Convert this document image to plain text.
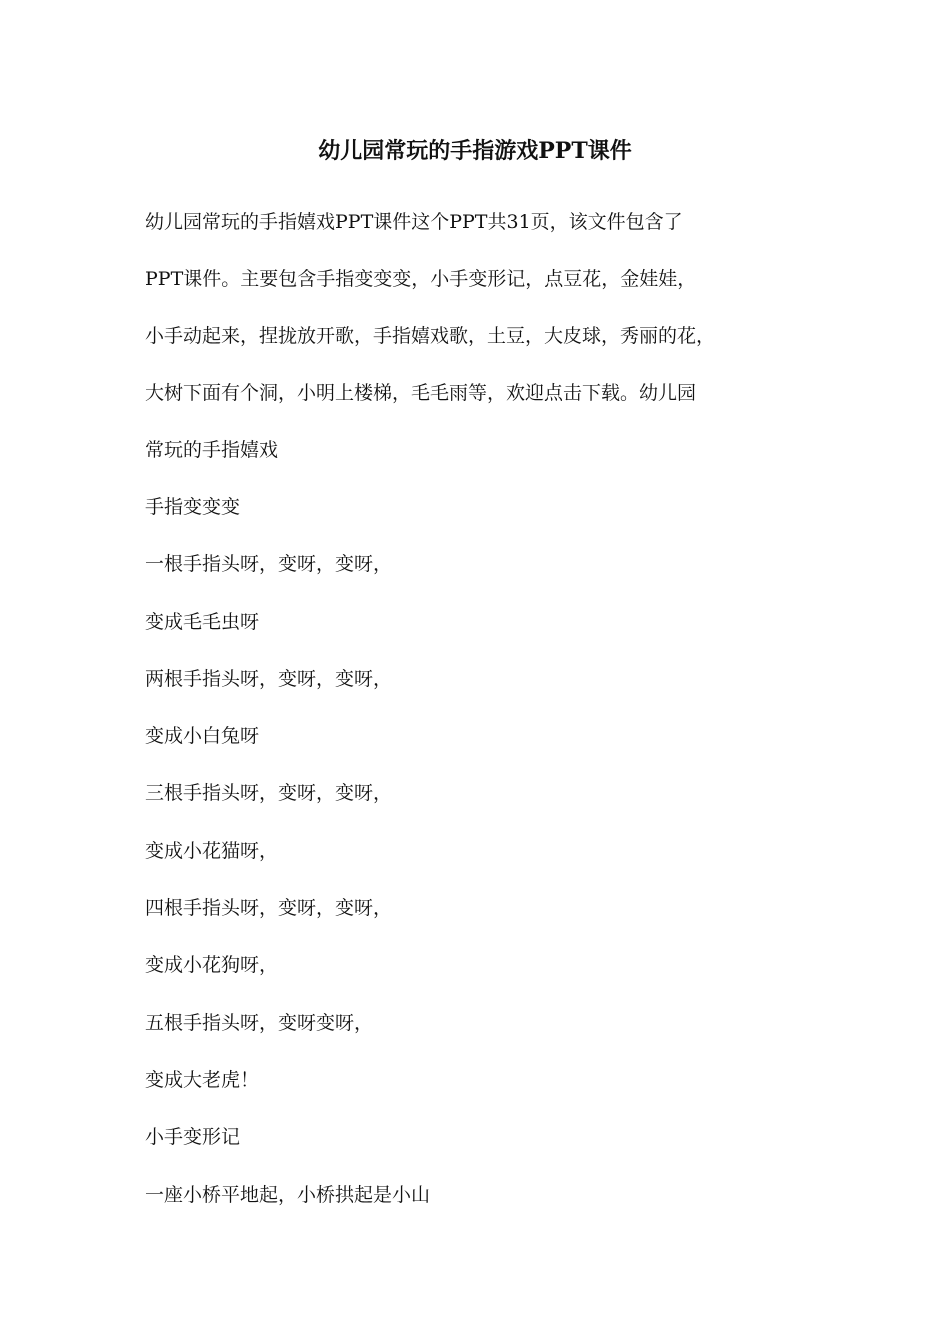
幼儿园常玩的手指游戏PPT课件
幼儿园常玩的手指嬉戏PPT课件这个PPT共31页，该文件包含了
PPT课件。主要包含手指变变变，小手变形记，点豆花，金娃娃，
小手动起来，捏拢放开歌，手指嬉戏歌，土豆，大皮球，秀丽的花，
大树下面有个洞，小明上楼梯，毛毛雨等，欢迎点击下载。幼儿园
常玩的手指嬉戏
手指变变变
一根手指头呀，变呀，变呀，
变成毛毛虫呀
两根手指头呀，变呀，变呀，
变成小白兔呀
三根手指头呀，变呀，变呀，
变成小花猫呀，
四根手指头呀，变呀，变呀，
变成小花狗呀，
五根手指头呀，变呀变呀，
变成大老虎！
小手变形记
一座小桥平地起，小桥拱起是小山
